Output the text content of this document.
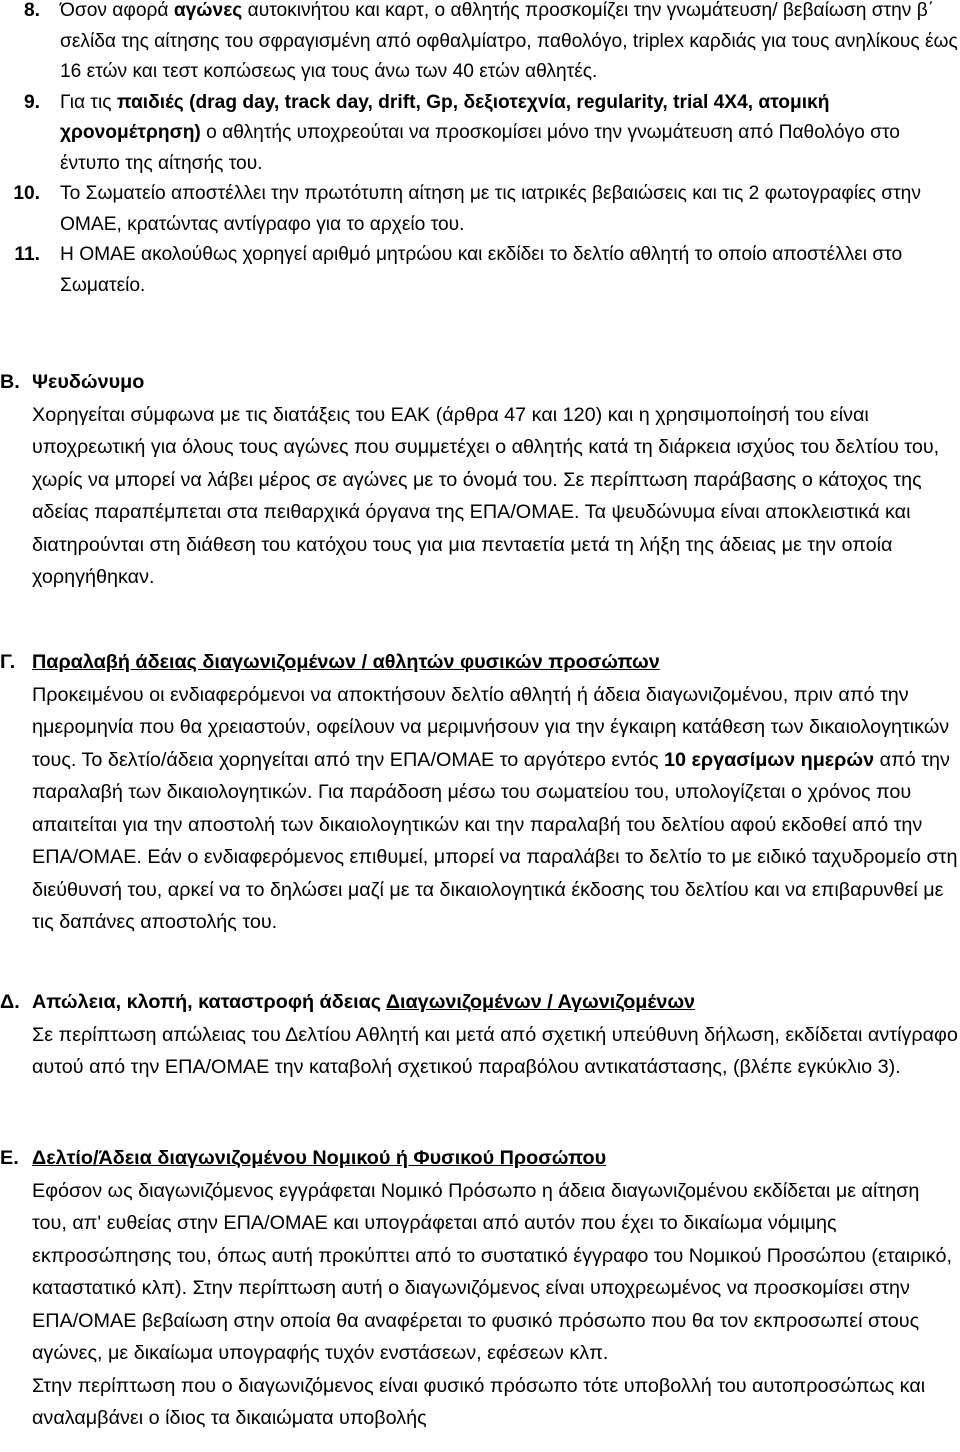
8. Όσον αφορά αγώνες αυτοκινήτου και καρτ, ο αθλητής προσκομίζει την γνωμάτευση/ βεβαίωση στην β΄ σελίδα της αίτησης του σφραγισμένη από οφθαλμίατρο, παθολόγο, triplex καρδιάς για τους ανηλίκους έως 16 ετών και τεστ κοπώσεως για τους άνω των 40 ετών αθλητές.

9. Για τις παιδιές (drag day, track day, drift, Gp, δεξιοτεχνία, regularity, trial 4X4, ατομική χρονομέτρηση) ο αθλητής υποχρεούται να προσκομίσει μόνο την γνωμάτευση από Παθολόγο στο έντυπο της αίτησής του.

10. Το Σωματείο αποστέλλει την πρωτότυπη αίτηση με τις ιατρικές βεβαιώσεις και τις 2 φωτογραφίες στην ΟΜΑΕ, κρατώντας αντίγραφο για το αρχείο του.

11. Η ΟΜΑΕ ακολούθως χορηγεί αριθμό μητρώου και εκδίδει το δελτίο αθλητή το οποίο αποστέλλει στο Σωματείο.

Β. Ψευδώνυμο

Χορηγείται σύμφωνα με τις διατάξεις του ΕΑΚ (άρθρα 47 και 120) και η χρησιμοποίησή του είναι υποχρεωτική για όλους τους αγώνες που συμμετέχει ο αθλητής κατά τη διάρκεια ισχύος του δελτίου του, χωρίς να μπορεί να λάβει μέρος σε αγώνες με το όνομά του. Σε περίπτωση παράβασης ο κάτοχος της αδείας παραπέμπεται στα πειθαρχικά όργανα της ΕΠΑ/ΟΜΑΕ. Τα ψευδώνυμα είναι αποκλειστικά και διατηρούνται στη διάθεση του κατόχου τους για μια πενταετία μετά τη λήξη της άδειας με την οποία χορηγήθηκαν.

Γ. Παραλαβή άδειας διαγωνιζομένων / αθλητών φυσικών προσώπων

Προκειμένου οι ενδιαφερόμενοι να αποκτήσουν δελτίο αθλητή ή άδεια διαγωνιζομένου, πριν από την ημερομηνία που θα χρειαστούν, οφείλουν να μεριμνήσουν για την έγκαιρη κατάθεση των δικαιολογητικών τους. Το δελτίο/άδεια χορηγείται από την ΕΠΑ/ΟΜΑΕ το αργότερο εντός 10 εργασίμων ημερών από την παραλαβή των δικαιολογητικών. Για παράδοση μέσω του σωματείου του, υπολογίζεται ο χρόνος που απαιτείται για την αποστολή των δικαιολογητικών και την παραλαβή του δελτίου αφού εκδοθεί από την ΕΠΑ/ΟΜΑΕ. Εάν ο ενδιαφερόμενος επιθυμεί, μπορεί να παραλάβει το δελτίο το με ειδικό ταχυδρομείο στη διεύθυνσή του, αρκεί να το δηλώσει μαζί με τα δικαιολογητικά έκδοσης του δελτίου και να επιβαρυνθεί με τις δαπάνες αποστολής του.

Δ. Απώλεια, κλοπή, καταστροφή άδειας Διαγωνιζομένων / Αγωνιζομένων

Σε περίπτωση απώλειας του Δελτίου Αθλητή και μετά από σχετική υπεύθυνη δήλωση, εκδίδεται αντίγραφο αυτού από την ΕΠΑ/ΟΜΑΕ την καταβολή σχετικού παραβόλου αντικατάστασης, (βλέπε εγκύκλιο 3).

Ε. Δελτίο/Άδεια διαγωνιζομένου Νομικού ή Φυσικού Προσώπου

Εφόσον ως διαγωνιζόμενος εγγράφεται Νομικό Πρόσωπο η άδεια διαγωνιζομένου εκδίδεται με αίτηση του, απ' ευθείας στην ΕΠΑ/ΟΜΑΕ και υπογράφεται από αυτόν που έχει το δικαίωμα νόμιμης εκπροσώπησης του, όπως αυτή προκύπτει από το συστατικό έγγραφο του Νομικού Προσώπου (εταιρικό, καταστατικό κλπ). Στην περίπτωση αυτή ο διαγωνιζόμενος είναι υποχρεωμένος να προσκομίσει στην ΕΠΑ/ΟΜΑΕ βεβαίωση στην οποία θα αναφέρεται το φυσικό πρόσωπο που θα τον εκπροσωπεί στους αγώνες, με δικαίωμα υπογραφής τυχόν ενστάσεων, εφέσεων κλπ.

Στην περίπτωση που ο διαγωνιζόμενος είναι φυσικό πρόσωπο τότε υποβολλή του αυτοπροσώπως και αναλαμβάνει ο ίδιος τα δικαιώματα υποβολής
